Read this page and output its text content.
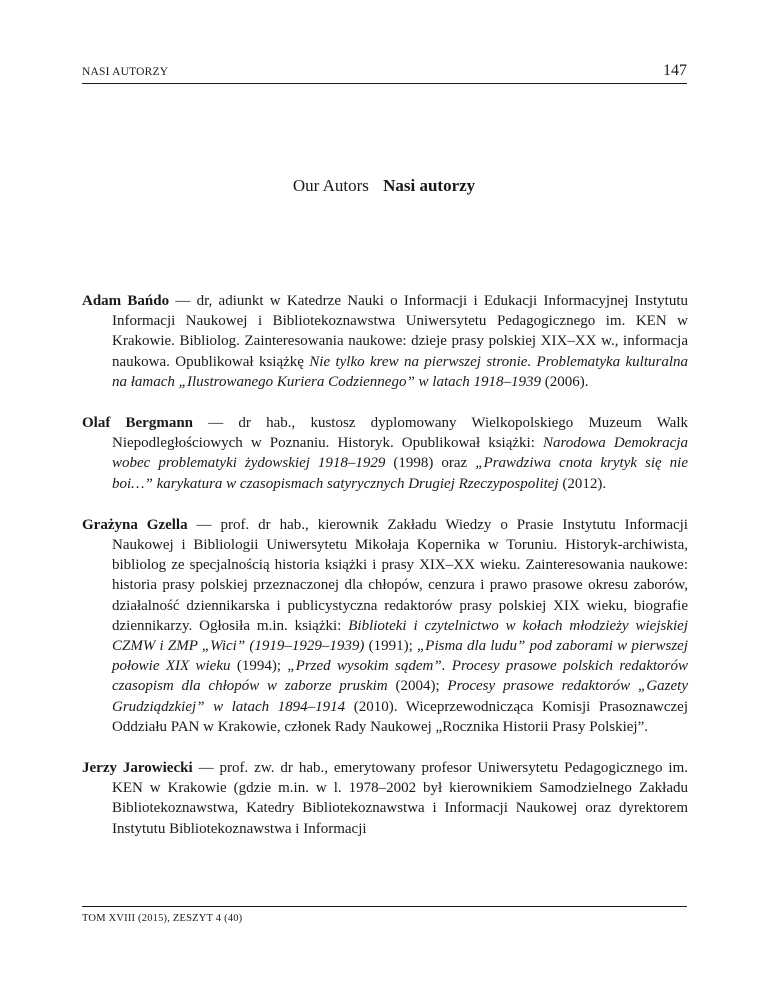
NASI AUTORZY	147
Our Autors Nasi autorzy

Adam Bańdo — dr, adiunkt w Katedrze Nauki o Informacji i Edukacji Informacyjnej Instytutu Informacji Naukowej i Bibliotekoznawstwa Uniwersytetu Pedagogicznego im. KEN w Krakowie. Bibliolog. Zainteresowania naukowe: dzieje prasy polskiej XIX–XX w., informacja naukowa. Opublikował książkę Nie tylko krew na pierwszej stronie. Problematyka kulturalna na łamach „Ilustrowanego Kuriera Codziennego” w latach 1918–1939 (2006).

Olaf Bergmann — dr hab., kustosz dyplomowany Wielkopolskiego Muzeum Walk Niepodległościowych w Poznaniu. Historyk. Opublikował książki: Narodowa Demokracja wobec problematyki żydowskiej 1918–1929 (1998) oraz „Prawdziwa cnota krytyk się nie boi…” karykatura w czasopismach satyrycznych Drugiej Rzeczypospolitej (2012).

Grażyna Gzella — prof. dr hab., kierownik Zakładu Wiedzy o Prasie Instytutu Informacji Naukowej i Bibliologii Uniwersytetu Mikołaja Kopernika w Toruniu. Historyk-archiwista, bibliolog ze specjalnością historia książki i prasy XIX–XX wieku. Zainteresowania naukowe: historia prasy polskiej przeznaczonej dla chłopów, cenzura i prawo prasowe okresu zaborów, działalność dziennikarska i publicystyczna redaktorów prasy polskiej XIX wieku, biografie dziennikarzy. Ogłosiła m.in. książki: Biblioteki i czytelnictwo w kołach młodzieży wiejskiej CZMW i ZMP „Wici” (1919–1929–1939) (1991); „Pisma dla ludu” pod zaborami w pierwszej połowie XIX wieku (1994); „Przed wysokim sądem”. Procesy prasowe polskich redaktorów czasopism dla chłopów w zaborze pruskim (2004); Procesy prasowe redaktorów „Gazety Grudziądzkiej” w latach 1894–1914 (2010). Wiceprzewodnicząca Komisji Prasoznawczej Oddziału PAN w Krakowie, członek Rady Naukowej „Rocznika Historii Prasy Polskiej”.

Jerzy Jarowiecki — prof. zw. dr hab., emerytowany profesor Uniwersytetu Pedagogicznego im. KEN w Krakowie (gdzie m.in. w l. 1978–2002 był kierownikiem Samodzielnego Zakładu Bibliotekoznawstwa, Katedry Bibliotekoznawstwa i Informacji Naukowej oraz dyrektorem Instytutu Bibliotekoznawstwa i Informacji

TOM XVIII (2015), ZESZYT 4 (40)
